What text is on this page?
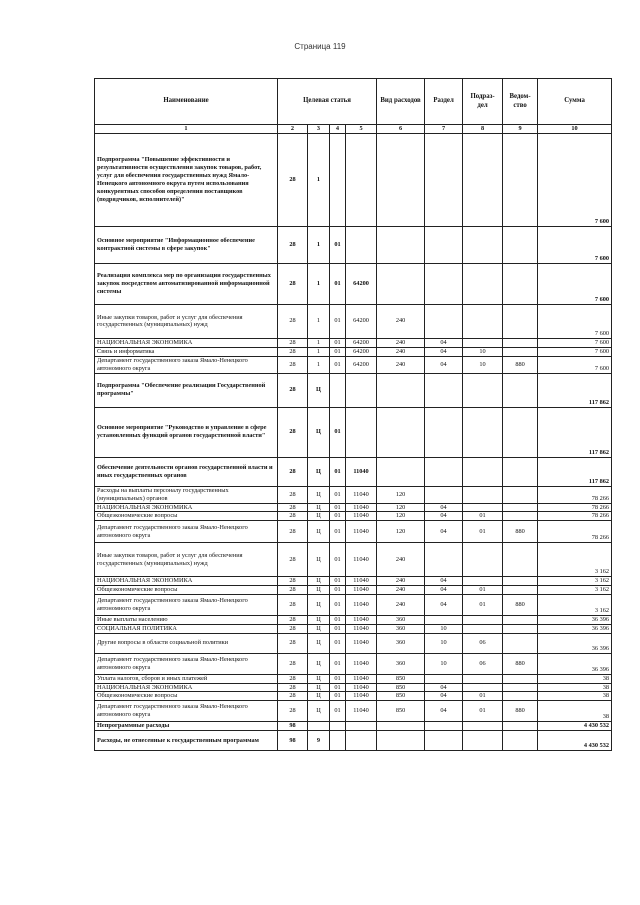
Страница 119
Наименование	Целевая статья				Вид расходов	Раздел	Подраз- дел	Ведом- ство	Сумма
1	2	3	4	5	6	7	8	9	10
Подпрограмма "Повышение эффективности и результативности осуществления закупок товаров, работ, услуг для обеспечения государственных нужд Ямало-Ненецкого автономного округа путем использования конкурентных способов определения поставщиков (подрядчиков, исполнителей)"	28	1							7 600
Основное мероприятие "Информационное обеспечение контрактной системы в сфере закупок"	28	1	01						7 600
Реализация комплекса мер по организации государственных закупок посредством автоматизированной информационной системы	28	1	01	64200					7 600
Иные закупки товаров, работ и услуг для обеспечения государственных (муниципальных) нужд	28	1	01	64200	240				7 600
НАЦИОНАЛЬНАЯ ЭКОНОМИКА	28	1	01	64200	240	04			7 600
Связь и информатика	28	1	01	64200	240	04	10		7 600
Департамент государственного заказа Ямало-Ненецкого автономного округа	28	1	01	64200	240	04	10	880	7 600
Подпрограмма "Обеспечение реализации Государственной программы"	28	Ц							117 862
Основное мероприятие "Руководство и управление в сфере установленных функций органов государственной власти"	28	Ц	01						117 862
Обеспечение деятельности органов государственной власти и иных государственных органов	28	Ц	01	11040					117 862
Расходы на выплаты персоналу государственных (муниципальных) органов	28	Ц	01	11040	120				78 266
НАЦИОНАЛЬНАЯ ЭКОНОМИКА	28	Ц	01	11040	120	04			78 266
Общеэкономические вопросы	28	Ц	01	11040	120	04	01		78 266
Департамент государственного заказа Ямало-Ненецкого автономного округа	28	Ц	01	11040	120	04	01	880	78 266
Иные закупки товаров, работ и услуг для обеспечения государственных (муниципальных) нужд	28	Ц	01	11040	240				3 162
НАЦИОНАЛЬНАЯ ЭКОНОМИКА	28	Ц	01	11040	240	04			3 162
Общеэкономические вопросы	28	Ц	01	11040	240	04	01		3 162
Департамент государственного заказа Ямало-Ненецкого автономного округа	28	Ц	01	11040	240	04	01	880	3 162
Иные выплаты населению	28	Ц	01	11040	360				36 396
СОЦИАЛЬНАЯ ПОЛИТИКА	28	Ц	01	11040	360	10			36 396
Другие вопросы в области социальной политики	28	Ц	01	11040	360	10	06		36 396
Департамент государственного заказа Ямало-Ненецкого автономного округа	28	Ц	01	11040	360	10	06	880	36 396
Уплата налогов, сборов и иных платежей	28	Ц	01	11040	850				38
НАЦИОНАЛЬНАЯ ЭКОНОМИКА	28	Ц	01	11040	850	04			38
Общеэкономические вопросы	28	Ц	01	11040	850	04	01		38
Департамент государственного заказа Ямало-Ненецкого автономного округа	28	Ц	01	11040	850	04	01	880	38
Непрограммные расходы	98								4 430 532
Расходы, не отнесенные к государственным программам	98	9							4 430 532
